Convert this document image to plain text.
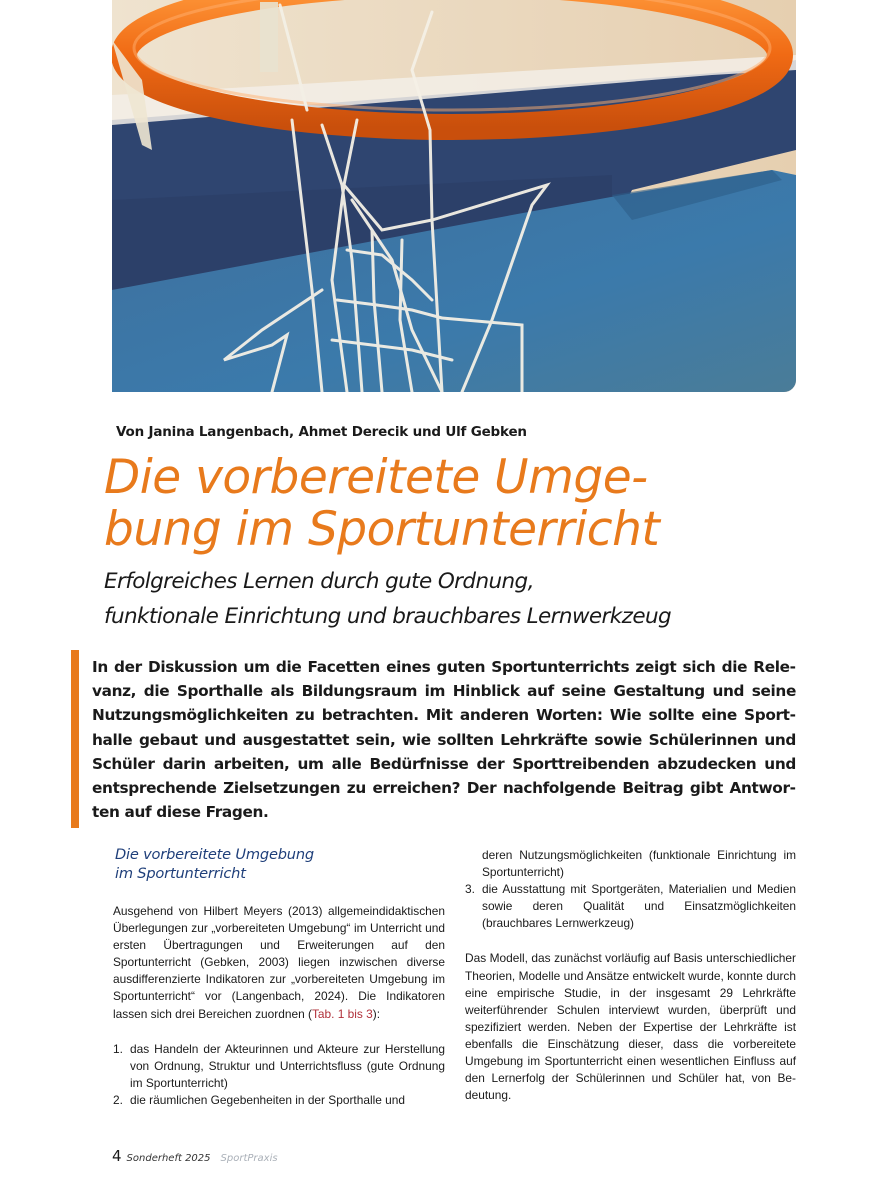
Von Janina Langenbach, Ahmet Derecik und Ulf Gebken
Die vorbereitete Umge-
bung im Sportunterricht
Erfolgreiches Lernen durch gute Ordnung,
funktionale Einrichtung und brauchbares Lernwerkzeug

In der Diskussion um die Facetten eines guten Sportunterrichts zeigt sich die Relevanz, die Sporthalle als Bildungsraum im Hinblick auf seine Gestaltung und seine Nutzungsmöglichkeiten zu betrachten. Mit anderen Worten: Wie sollte eine Sporthalle gebaut und ausgestattet sein, wie sollten Lehrkräfte sowie Schülerinnen und Schüler darin arbeiten, um alle Bedürfnisse der Sporttreibenden abzudecken und entsprechende Zielsetzungen zu erreichen? Der nachfolgende Beitrag gibt Antworten auf diese Fragen.

Die vorbereitete Umgebung
im Sportunterricht

Ausgehend von Hilbert Meyers (2013) allgemeindidaktischen Überlegungen zur „vorbereiteten Umgebung“ im Unterricht und ersten Übertragungen und Erweiterungen auf den Sportunterricht (Gebken, 2003) liegen inzwischen diverse ausdifferenzierte Indikatoren zur „vorbereiteten Umgebung im Sportunterricht“ vor (Langenbach, 2024). Die Indikatoren lassen sich drei Bereichen zuordnen (Tab. 1 bis 3):

1. das Handeln der Akteurinnen und Akteure zur Herstellung von Ordnung, Struktur und Unterrichtsfluss (gute Ordnung im Sportunterricht)
2. die räumlichen Gegebenheiten in der Sporthalle und
deren Nutzungsmöglichkeiten (funktionale Einrichtung im Sportunterricht)
3. die Ausstattung mit Sportgeräten, Materialien und Medien sowie deren Qualität und Einsatzmöglichkeiten (brauchbares Lernwerkzeug)

Das Modell, das zunächst vorläufig auf Basis unterschiedlicher Theorien, Modelle und Ansätze entwickelt wurde, konnte durch eine empirische Studie, in der insgesamt 29 Lehrkräfte weiterführender Schulen interviewt wurden, überprüft und spezifiziert werden. Neben der Expertise der Lehrkräfte ist ebenfalls die Einschätzung dieser, dass die vorbereitete Umgebung im Sportunterricht einen wesentlichen Einfluss auf den Lernerfolg der Schülerinnen und Schüler hat, von Bedeutung.

4 Sonderheft 2025 SportPraxis
